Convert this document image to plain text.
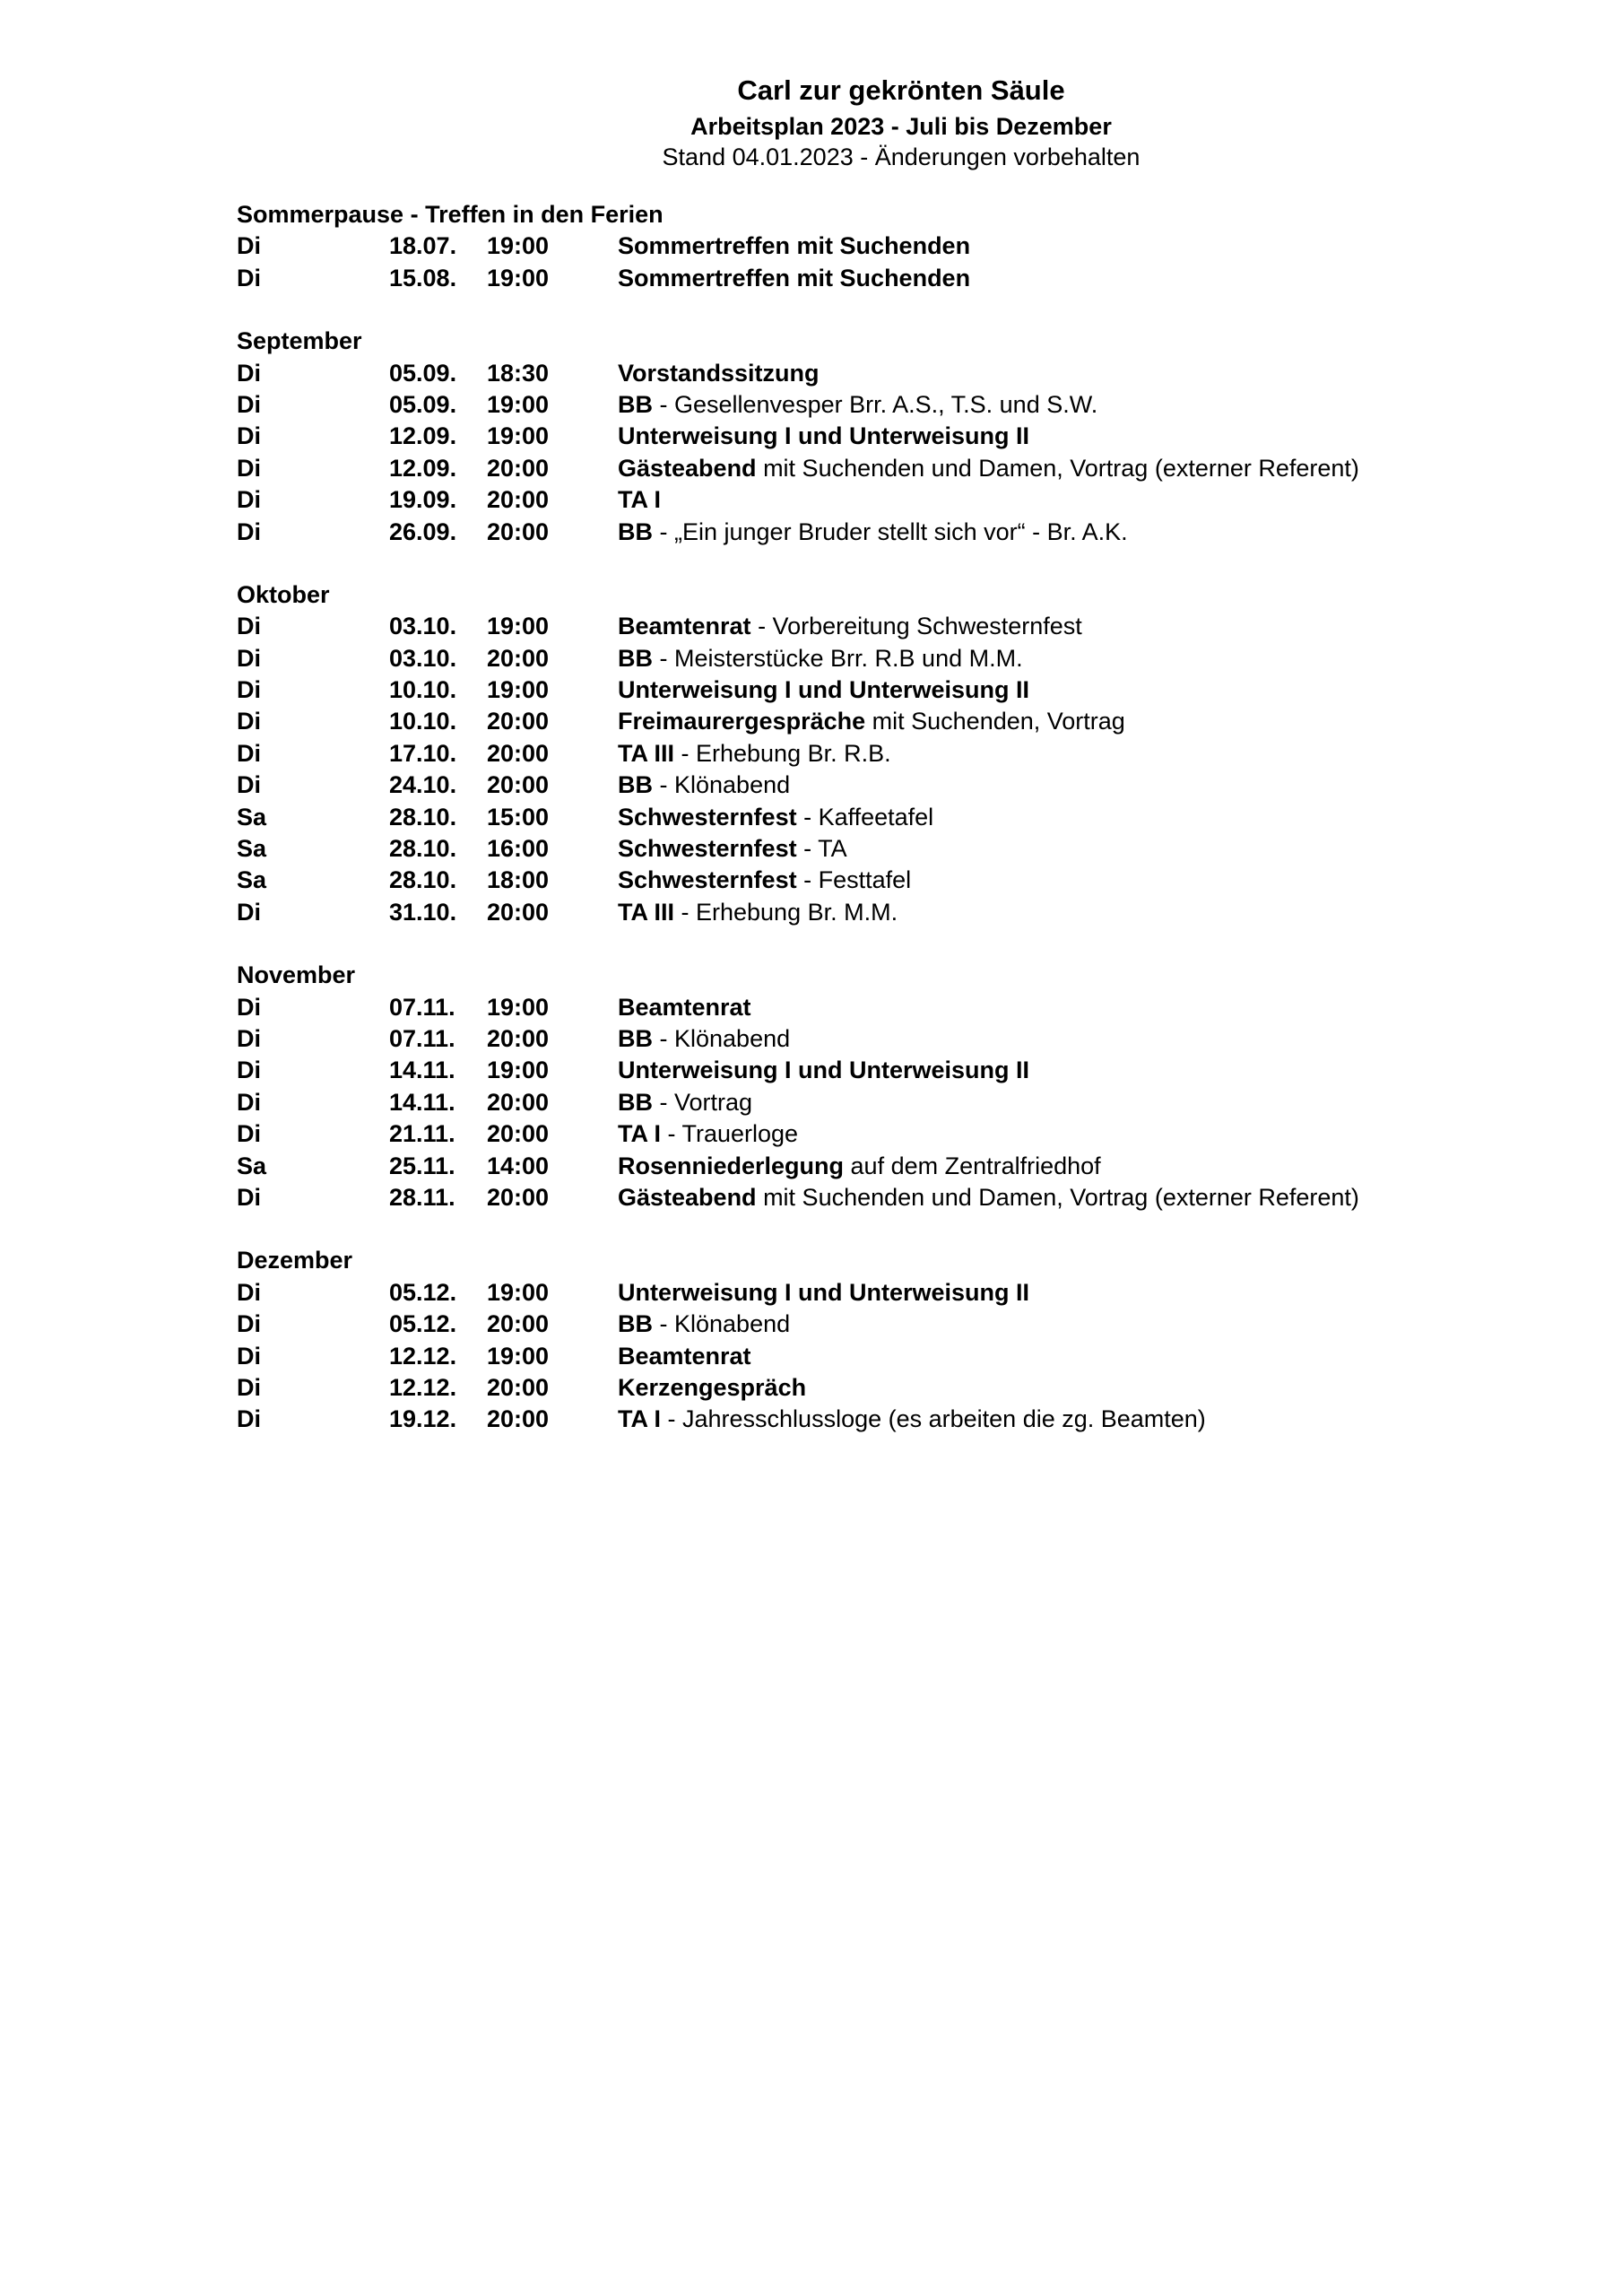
Carl zur gekrönten Säule
Arbeitsplan 2023 - Juli bis Dezember
Stand 04.01.2023 - Änderungen vorbehalten
Sommerpause - Treffen in den Ferien
Di	18.07. 19:00	Sommertreffen mit Suchenden
Di	15.08. 19:00	Sommertreffen mit Suchenden
September
Di	05.09. 18:30	Vorstandssitzung
Di	05.09. 19:00	BB - Gesellenvesper Brr. A.S., T.S. und S.W.
Di	12.09. 19:00	Unterweisung I und Unterweisung II
Di	12.09. 20:00	Gästeabend mit Suchenden und Damen, Vortrag (externer Referent)
Di	19.09. 20:00	TA I
Di	26.09. 20:00	BB - „Ein junger Bruder stellt sich vor“ - Br. A.K.
Oktober
Di	03.10. 19:00	Beamtenrat - Vorbereitung Schwesternfest
Di	03.10. 20:00	BB - Meisterstücke Brr. R.B und M.M.
Di	10.10. 19:00	Unterweisung I und Unterweisung II
Di	10.10. 20:00	Freimaurergespräche mit Suchenden, Vortrag
Di	17.10. 20:00	TA III - Erhebung Br. R.B.
Di	24.10. 20:00	BB - Klönabend
Sa	28.10. 15:00	Schwesternfest - Kaffeetafel
Sa	28.10. 16:00	Schwesternfest - TA
Sa	28.10. 18:00	Schwesternfest - Festtafel
Di	31.10. 20:00	TA III - Erhebung Br. M.M.
November
Di	07.11. 19:00	Beamtenrat
Di	07.11. 20:00	BB - Klönabend
Di	14.11. 19:00	Unterweisung I und Unterweisung II
Di	14.11. 20:00	BB - Vortrag
Di	21.11. 20:00	TA I - Trauerloge
Sa	25.11. 14:00	Rosenniederlegung auf dem Zentralfriedhof
Di	28.11. 20:00	Gästeabend mit Suchenden und Damen, Vortrag (externer Referent)
Dezember
Di	05.12. 19:00	Unterweisung I und Unterweisung II
Di	05.12. 20:00	BB - Klönabend
Di	12.12. 19:00	Beamtenrat
Di	12.12. 20:00	Kerzengespräch
Di	19.12. 20:00	TA I - Jahresschlussloge (es arbeiten die zg. Beamten)
